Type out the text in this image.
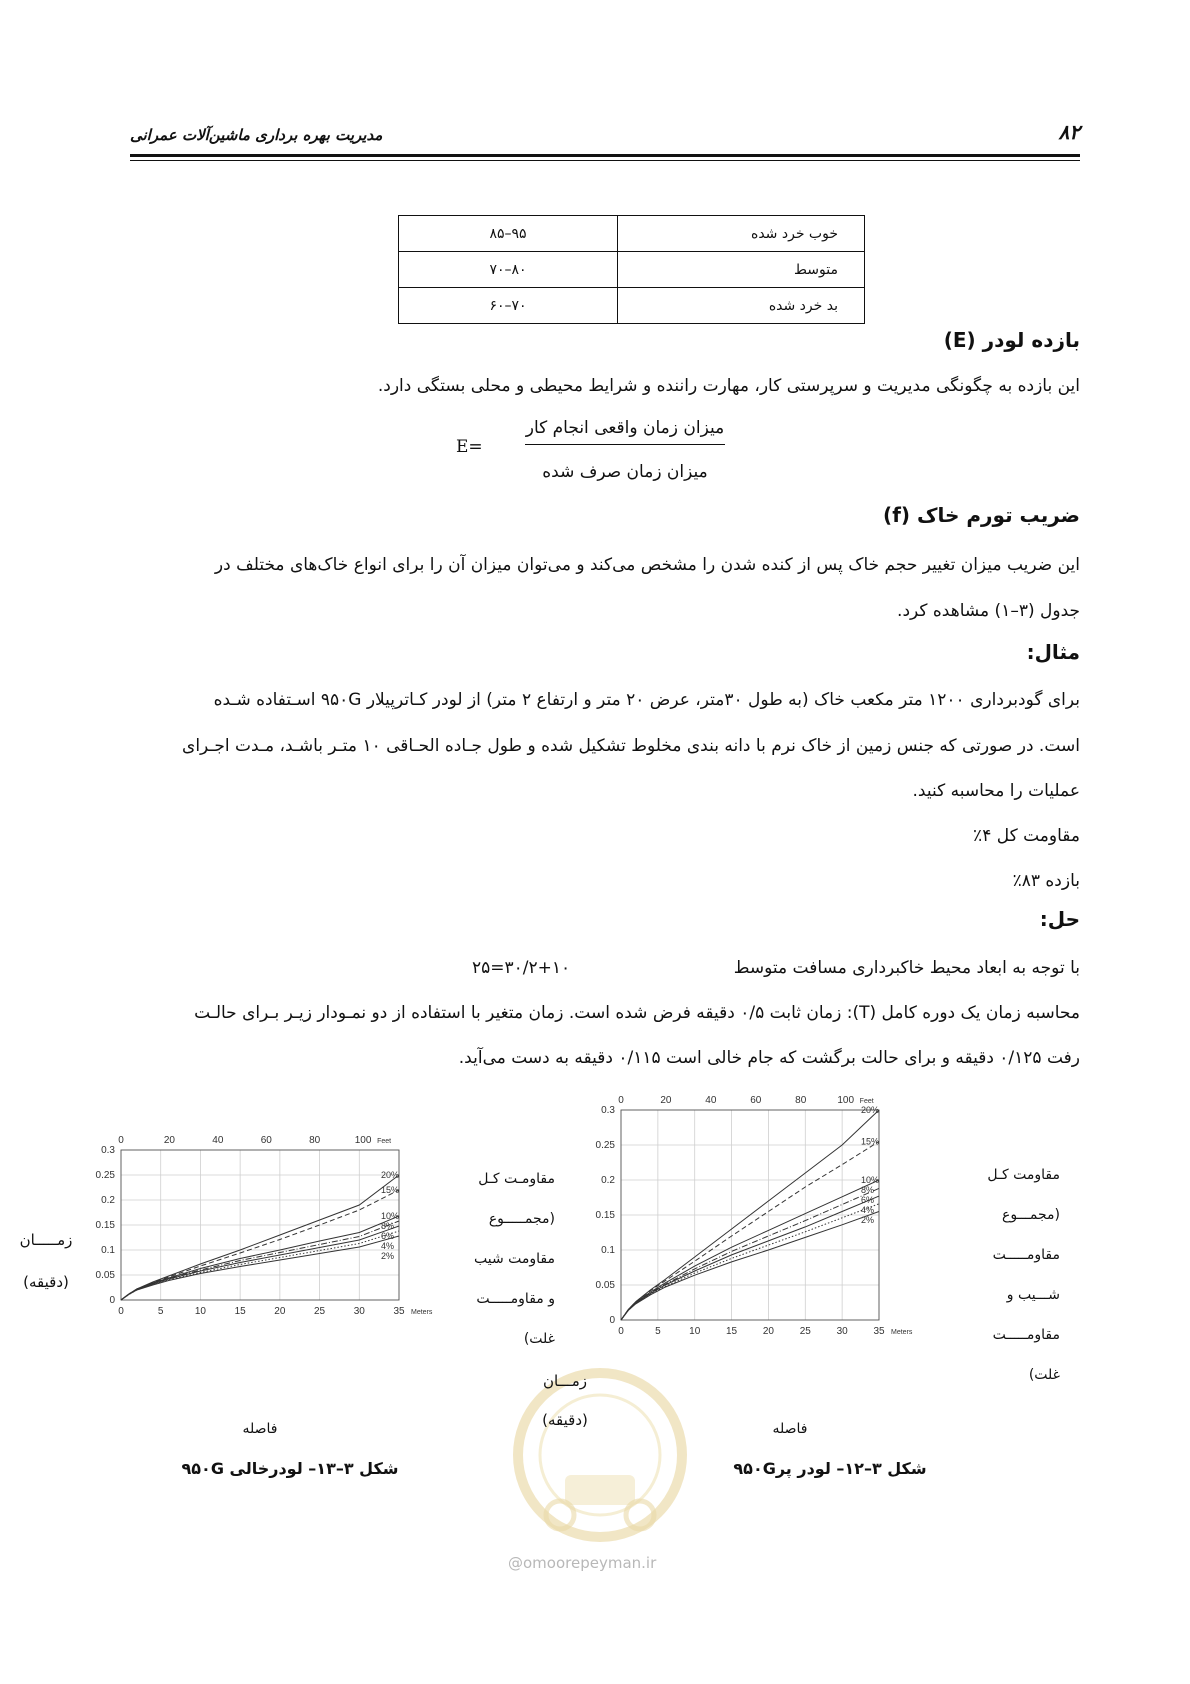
۸۲
مدیریت بهره برداری ماشین‌آلات عمرانی
خوب خرد شده	۹۵–۸۵
متوسط	۸۰–۷۰
بد خرد شده	۷۰–۶۰
بازده لودر (E)
این بازده به چگونگی مدیریت و سرپرستی کار، مهارت راننده و شرایط محیطی و محلی بستگی دارد.
E=
میزان زمان واقعی انجام کار
میزان زمان صرف شده
ضریب تورم خاک (f)
این ضریب میزان تغییر حجم خاک پس از کنده شدن را مشخص می‌کند و می‌توان میزان آن را برای انواع خاک‌های مختلف در
جدول (۳–۱) مشاهده کرد.
مثال:
برای گودبرداری ۱۲۰۰ متر مکعب خاک (به طول ۳۰متر، عرض ۲۰ متر و ارتفاع ۲ متر) از لودر کـاترپیلار ۹۵۰G اسـتفاده شـده
است. در صورتی که جنس زمین از خاک نرم با دانه بندی مخلوط تشکیل شده و طول جـاده الحـاقی ۱۰ متـر باشـد، مـدت اجـرای
عملیات را محاسبه کنید.
مقاومت کل ۴٪
بازده ۸۳٪
حل:
با توجه به ابعاد محیط خاکبرداری مسافت متوسط
۳۰/۲+۱۰=۲۵
محاسبه زمان یک دوره کامل (T): زمان ثابت ۰/۵ دقیقه فرض شده است. زمان متغیر با استفاده از دو نمـودار زیـر بـرای حالـت
رفت ۰/۱۲۵ دقیقه و برای حالت برگشت که جام خالی است ۰/۱۱۵ دقیقه به دست می‌آید.
@omoorepeyman.ir
زمـــــان
(دقیقه)
0	5	10	15	20	25	30	35 Meters
0	20	40	60	80	100 Feet
0
0.05
0.1
0.15
0.2
0.25
0.3
20%
15%
10%
8%
6%
4%
2%
مقاومـت کـل
(مجمـــــوع
مقاومت شیب
و مقاومـــــت
غلت)
فاصله
شکل ۳–۱۳– لودرخالی ۹۵۰G
زمـــان
(دقیقه)
0	5	10	15	20	25	30	35 Meters
0	20	40	60	80	100 Feet
0
0.05
0.1
0.15
0.2
0.25
0.3	20%
15%
10%
8%
6%
4%
2%
مقاومت کـل
(مجمـــوع
مقاومـــــت
شـــیب و
مقاومـــــت
غلت)
فاصله
شکل ۳–۱۲– لودر پر۹۵۰G
